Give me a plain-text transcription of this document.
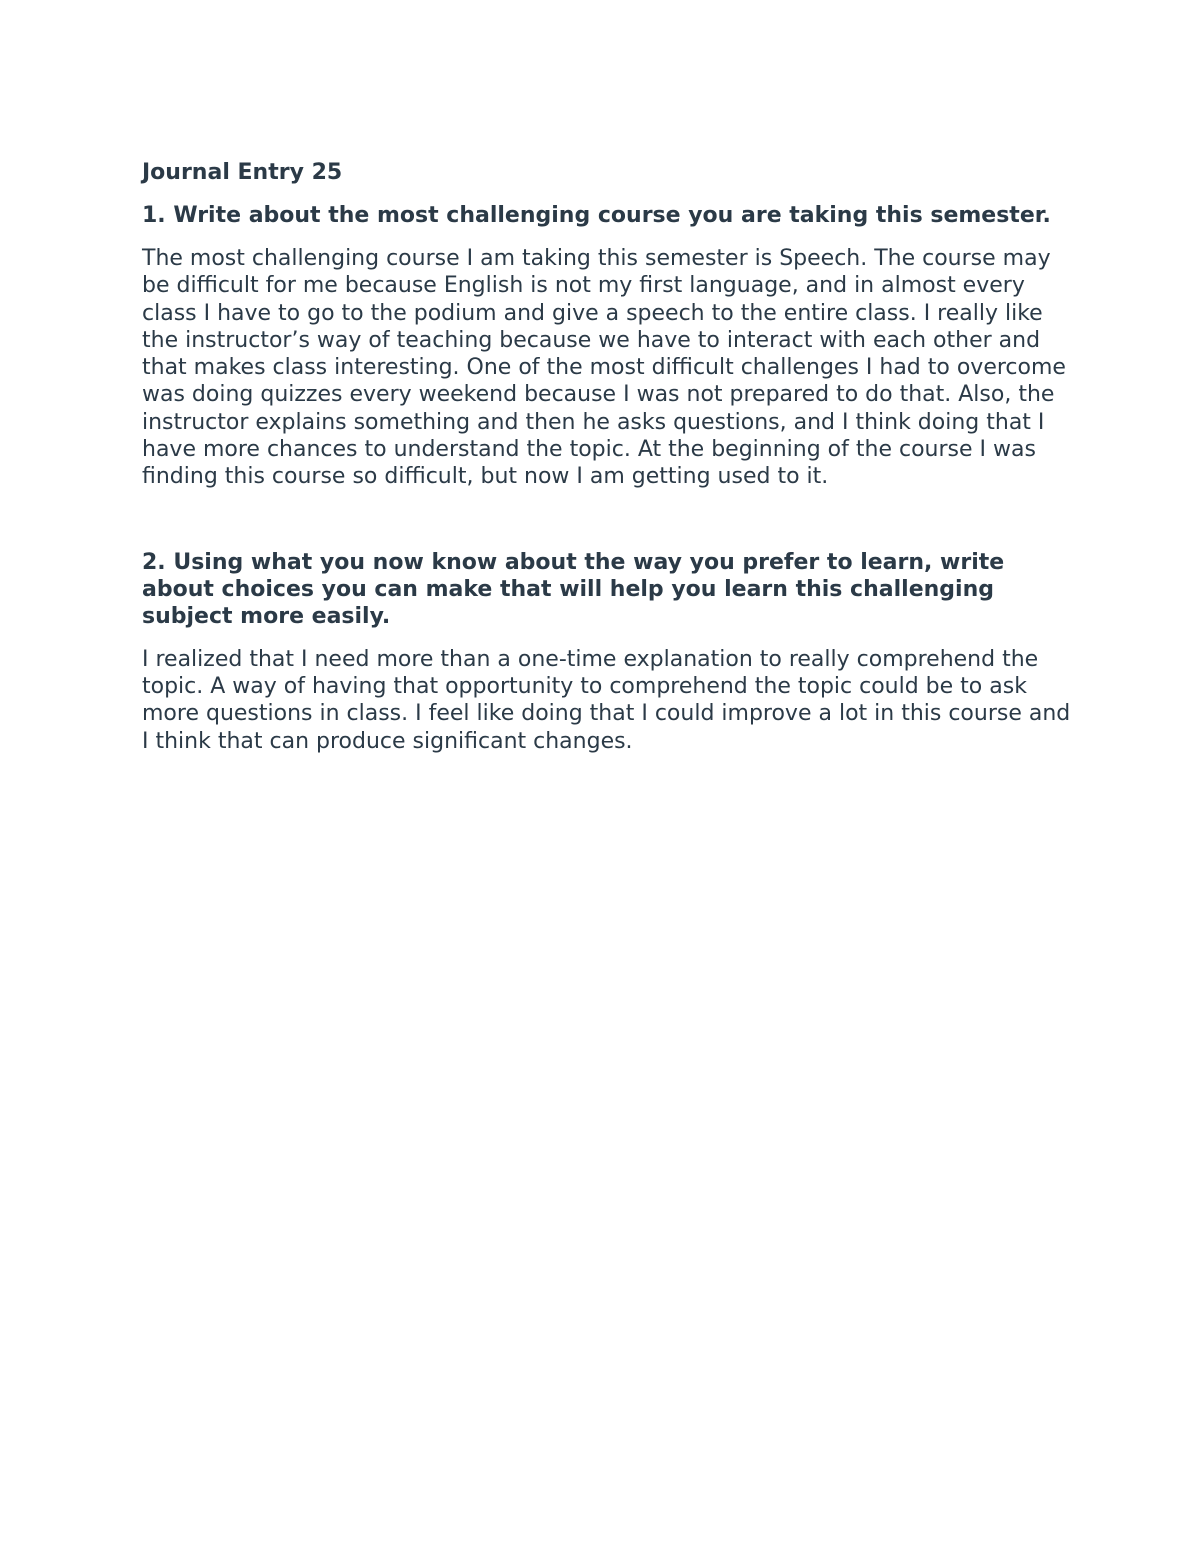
Journal Entry 25

1. Write about the most challenging course you are taking this semester.

The most challenging course I am taking this semester is Speech. The course may be difficult for me because English is not my first language, and in almost every class I have to go to the podium and give a speech to the entire class. I really like the instructor’s way of teaching because we have to interact with each other and that makes class interesting. One of the most difficult challenges I had to overcome was doing quizzes every weekend because I was not prepared to do that. Also, the instructor explains something and then he asks questions, and I think doing that I have more chances to understand the topic. At the beginning of the course I was finding this course so difficult, but now I am getting used to it.

2. Using what you now know about the way you prefer to learn, write about choices you can make that will help you learn this challenging subject more easily.

I realized that I need more than a one-time explanation to really comprehend the topic. A way of having that opportunity to comprehend the topic could be to ask more questions in class. I feel like doing that I could improve a lot in this course and I think that can produce significant changes.
